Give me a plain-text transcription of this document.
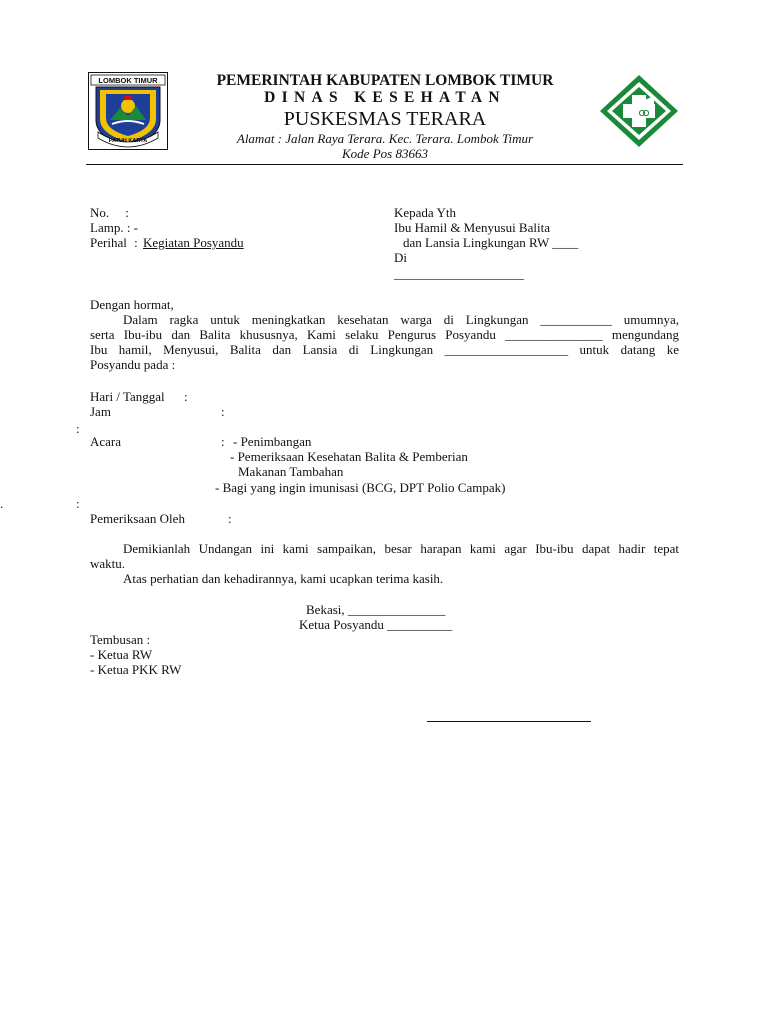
LOMBOK TIMUR
PATUH KARYA
PEMERINTAH KABUPATEN LOMBOK TIMUR
DINAS KESEHATAN
PUSKESMAS TERARA
Alamat : Jalan Raya Terara. Kec. Terara. Lombok Timur
Kode Pos 83663
No. :
Lamp. : -
Perihal : Kegiatan Posyandu
Kepada Yth
Ibu Hamil & Menyusui Balita
dan Lansia Lingkungan RW ____
Di
____________________
Dengan hormat,
Dalam ragka untuk meningkatkan kesehatan warga di Lingkungan ___________ umumnya,
serta Ibu-ibu dan Balita khususnya, Kami selaku Pengurus Posyandu _______________ mengundang
Ibu hamil, Menyusui, Balita dan Lansia di Lingkungan ___________________ untuk datang ke
Posyandu pada :
Hari / Tanggal :
Jam	:
:
Acara	: - Penimbangan
- Pemeriksaan Kesehatan Balita & Pemberian
Makanan Tambahan
- Bagi yang ingin imunisasi (BCG, DPT Polio Campak)
.	:
Pemeriksaan Oleh	:
Demikianlah Undangan ini kami sampaikan, besar harapan kami agar Ibu-ibu dapat hadir tepat
waktu.
Atas perhatian dan kehadirannya, kami ucapkan terima kasih.
Bekasi, _______________
Ketua Posyandu __________
Tembusan :
- Ketua RW
- Ketua PKK RW
